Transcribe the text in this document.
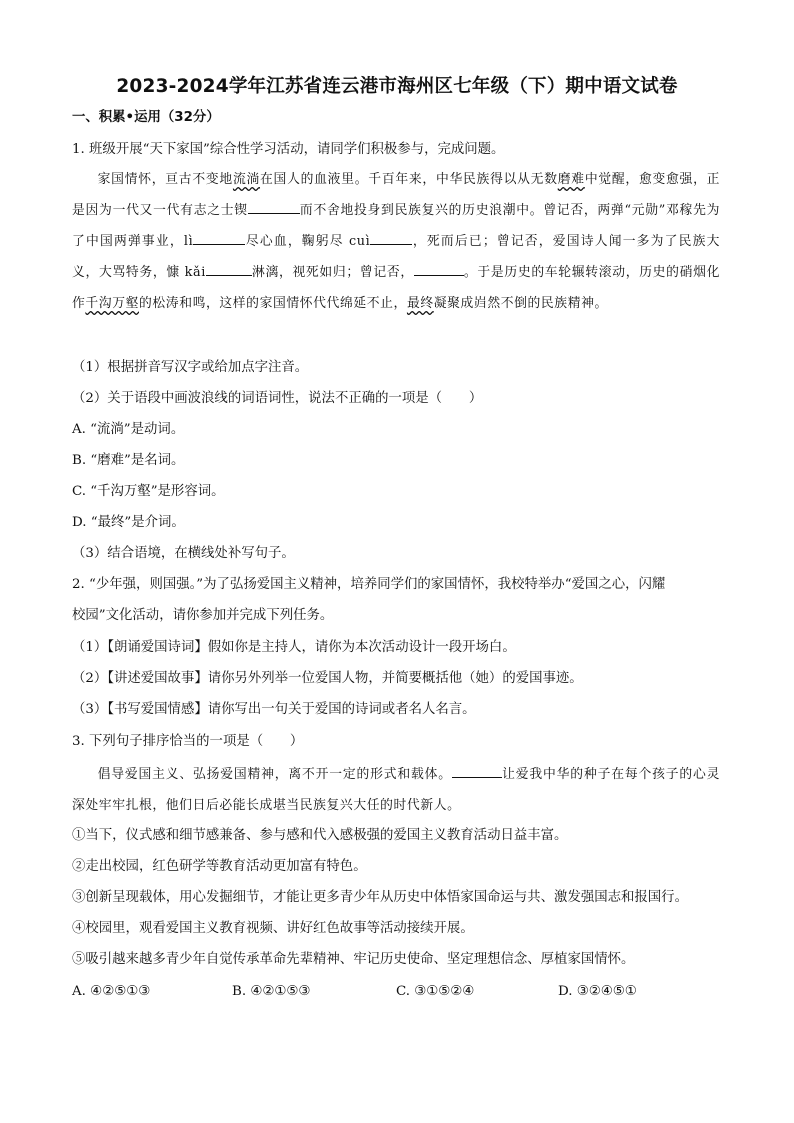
2023-2024学年江苏省连云港市海州区七年级（下）期中语文试卷
一、积累•运用（32分）
1. 班级开展“天下家国”综合性学习活动，请同学们积极参与，完成问题。
家国情怀，亘古不变地流淌在国人的血液里。千百年来，中华民族得以从无数磨难中觉醒，愈变愈强，正是因为一代又一代有志之士锲	而不舍地投身到民族复兴的历史浪潮中。曾记否，两弹“元勋”邓稼先为了中国两弹事业，lì	尽心血，鞠躬尽 cuì	，死而后已；曾记否，爱国诗人闻一多为了民族大义，大骂特务，慷 kǎi	淋漓，视死如归；曾记否，	。于是历史的车轮辗转滚动，历史的硝烟化作千沟万壑的松涛和鸣，这样的家国情怀代代绵延不止，最终凝聚成岿然不倒的民族精神。
（1）根据拼音写汉字或给加点字注音。
（2）关于语段中画波浪线的词语词性，说法不正确的一项是（　　）
A. “流淌”是动词。
B. “磨难”是名词。
C. “千沟万壑”是形容词。
D. “最终”是介词。
（3）结合语境，在横线处补写句子。
2. “少年强，则国强。”为了弘扬爱国主义精神，培养同学们的家国情怀，我校特举办“爱国之心，闪耀
校园”文化活动，请你参加并完成下列任务。
（1）【朗诵爱国诗词】假如你是主持人，请你为本次活动设计一段开场白。
（2）【讲述爱国故事】请你另外列举一位爱国人物，并简要概括他（她）的爱国事迹。
（3）【书写爱国情感】请你写出一句关于爱国的诗词或者名人名言。
3. 下列句子排序恰当的一项是（　　）
倡导爱国主义、弘扬爱国精神，离不开一定的形式和载体。	让爱我中华的种子在每个孩子的心灵深处牢牢扎根，他们日后必能长成堪当民族复兴大任的时代新人。
①当下，仪式感和细节感兼备、参与感和代入感极强的爱国主义教育活动日益丰富。
②走出校园，红色研学等教育活动更加富有特色。
③创新呈现载体，用心发掘细节，才能让更多青少年从历史中体悟家国命运与共、激发强国志和报国行。
④校园里，观看爱国主义教育视频、讲好红色故事等活动接续开展。
⑤吸引越来越多青少年自觉传承革命先辈精神、牢记历史使命、坚定理想信念、厚植家国情怀。
A. ④②⑤①③	B. ④②①⑤③	C. ③①⑤②④	D. ③②④⑤①
